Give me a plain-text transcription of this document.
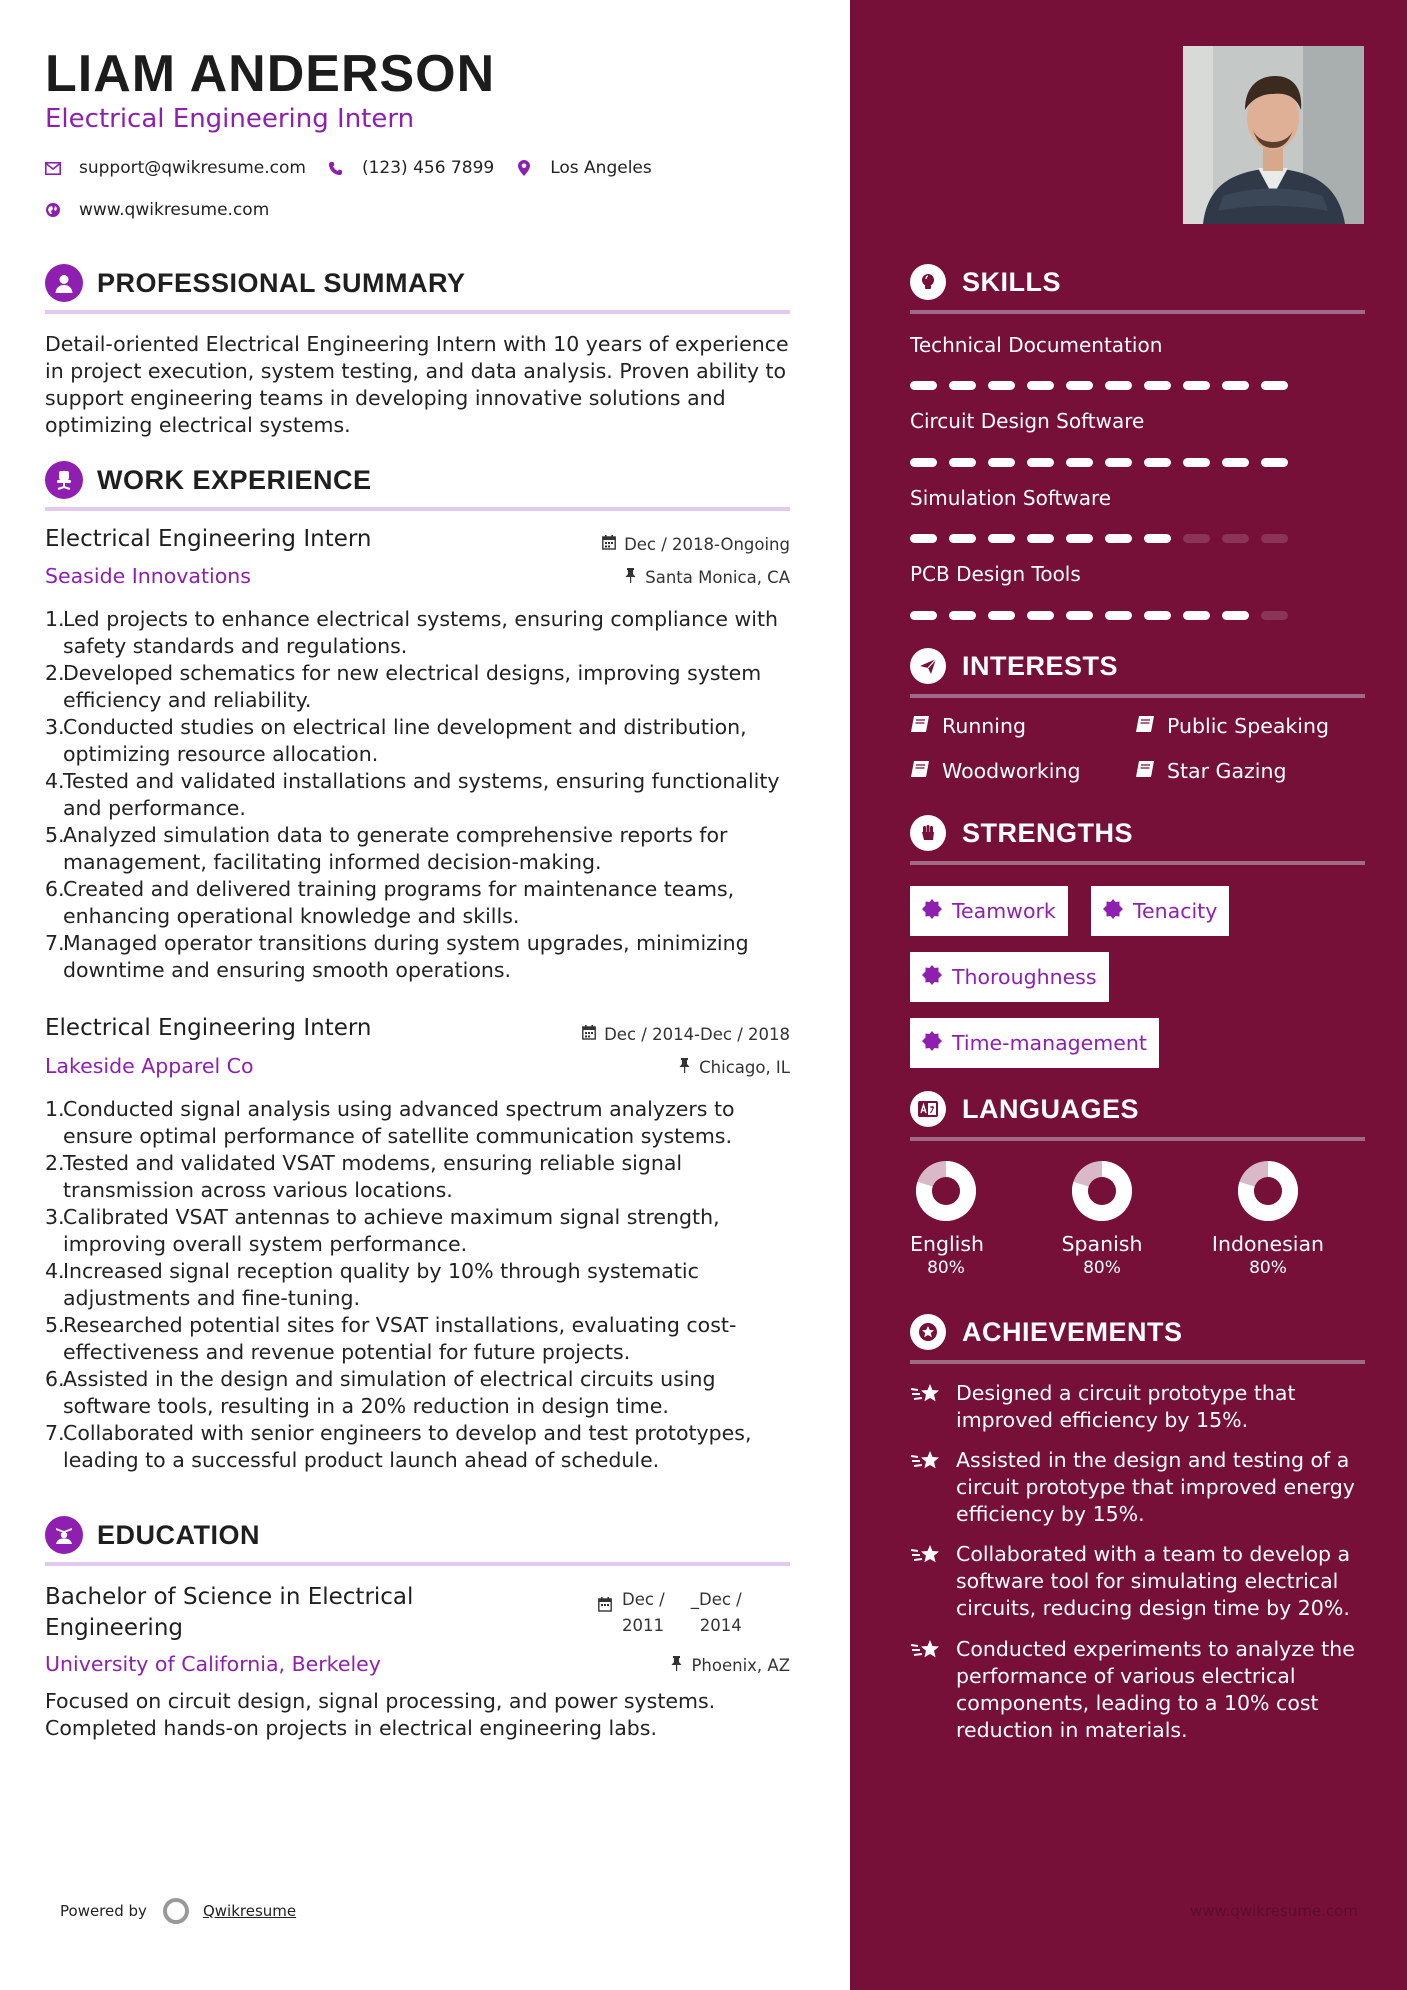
LIAM ANDERSON
Electrical Engineering Intern
support@qwikresume.com	(123) 456 7899	Los Angeles
www.qwikresume.com
PROFESSIONAL SUMMARY
Detail-oriented Electrical Engineering Intern with 10 years of experience in project execution, system testing, and data analysis. Proven ability to support engineering teams in developing innovative solutions and optimizing electrical systems.
WORK EXPERIENCE
Electrical Engineering Intern	Dec / 2018-Ongoing
Seaside Innovations	Santa Monica, CA
1.
Led projects to enhance electrical systems, ensuring compliance with safety standards and regulations.
2.
Developed schematics for new electrical designs, improving system efficiency and reliability.
3.
Conducted studies on electrical line development and distribution, optimizing resource allocation.
4.
Tested and validated installations and systems, ensuring functionality and performance.
5.
Analyzed simulation data to generate comprehensive reports for management, facilitating informed decision-making.
6.
Created and delivered training programs for maintenance teams, enhancing operational knowledge and skills.
7.
Managed operator transitions during system upgrades, minimizing downtime and ensuring smooth operations.
Electrical Engineering Intern	Dec / 2014-Dec / 2018
Lakeside Apparel Co	Chicago, IL
1.
Conducted signal analysis using advanced spectrum analyzers to ensure optimal performance of satellite communication systems.
2.
Tested and validated VSAT modems, ensuring reliable signal transmission across various locations.
3.
Calibrated VSAT antennas to achieve maximum signal strength, improving overall system performance.
4.
Increased signal reception quality by 10% through systematic adjustments and fine-tuning.
5.
Researched potential sites for VSAT installations, evaluating cost-effectiveness and revenue potential for future projects.
6.
Assisted in the design and simulation of electrical circuits using software tools, resulting in a 20% reduction in design time.
7.
Collaborated with senior engineers to develop and test prototypes, leading to a successful product launch ahead of schedule.
EDUCATION
Bachelor of Science in Electrical Engineering
Dec /
2011
_Dec /
2014
University of California, Berkeley	Phoenix, AZ
Focused on circuit design, signal processing, and power systems. Completed hands-on projects in electrical engineering labs.
Powered by	Qwikresume
SKILLS
Technical Documentation
Circuit Design Software
Simulation Software
PCB Design Tools
INTERESTS
Running	Public Speaking
Woodworking	Star Gazing
STRENGTHS
Teamwork	Tenacity
Thoroughness
Time-management
LANGUAGES
English
80%
Spanish
80%
Indonesian
80%
ACHIEVEMENTS
Designed a circuit prototype that improved efficiency by 15%.
Assisted in the design and testing of a circuit prototype that improved energy efficiency by 15%.
Collaborated with a team to develop a software tool for simulating electrical circuits, reducing design time by 20%.
Conducted experiments to analyze the performance of various electrical components, leading to a 10% cost reduction in materials.
www.qwikresume.com
